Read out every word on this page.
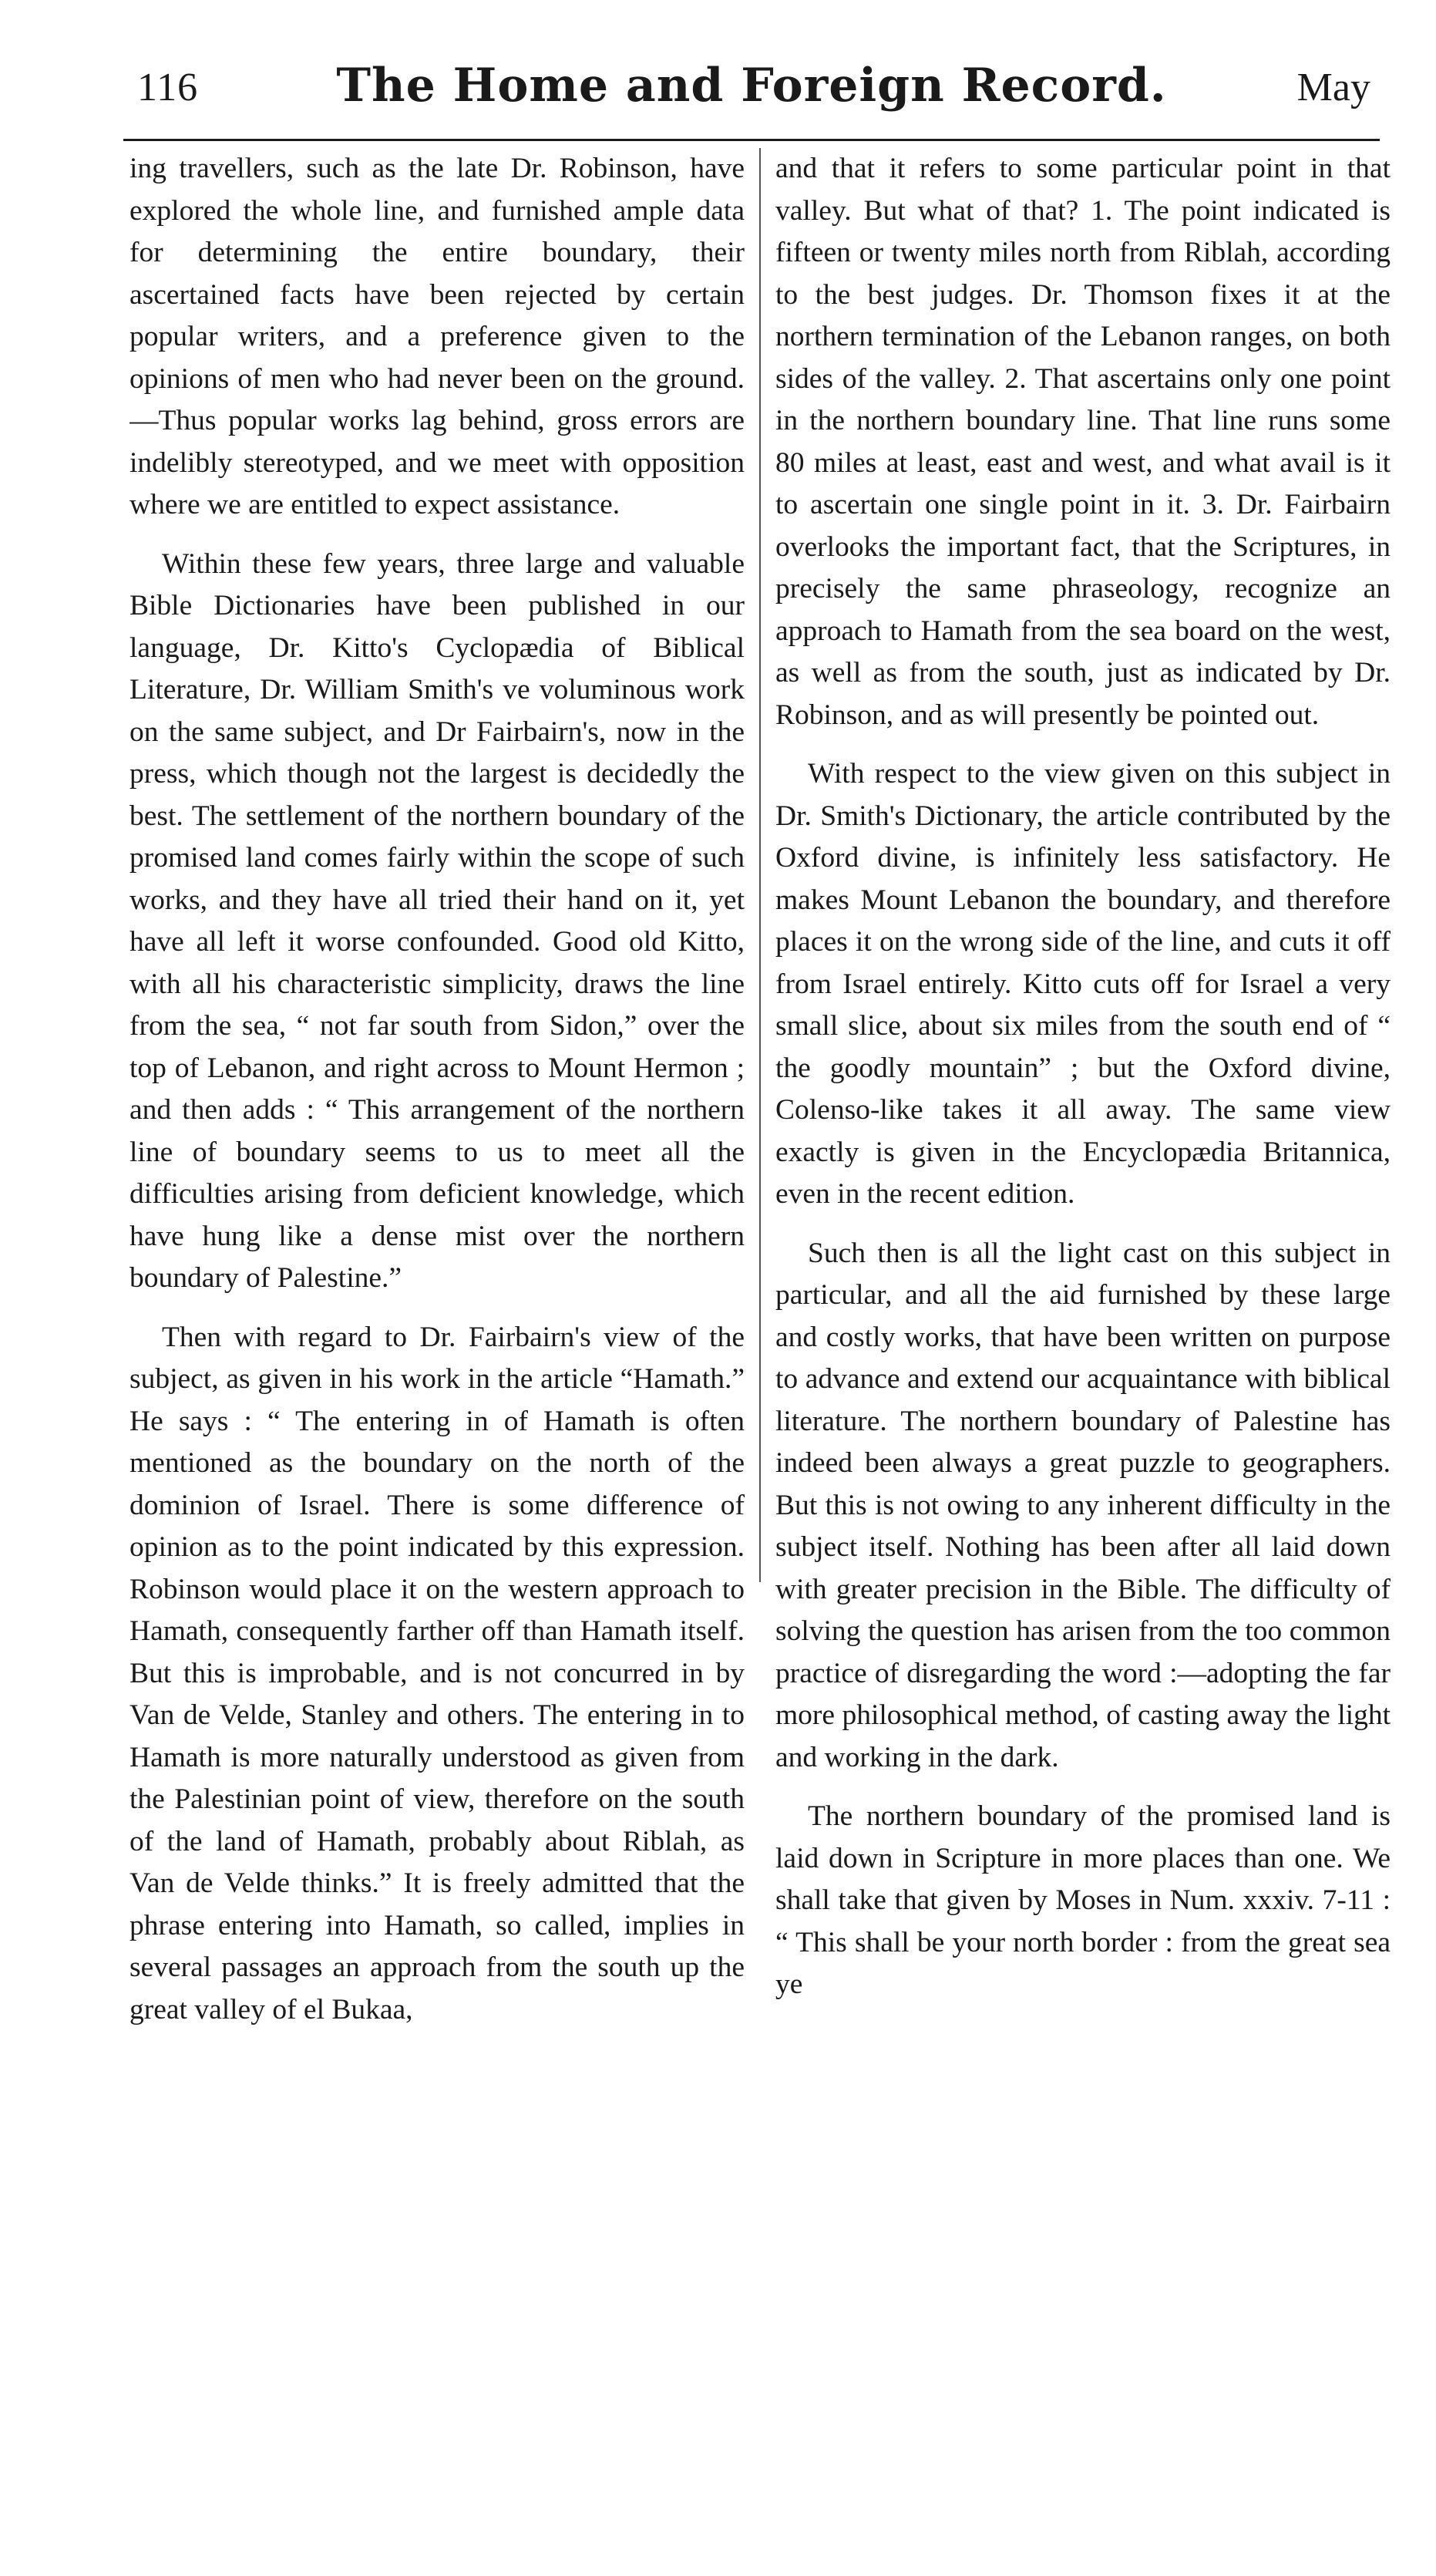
116	The Home and Foreign Record.	May

ing travellers, such as the late Dr. Robinson, have explored the whole line, and furnished ample data for determining the entire boundary, their ascertained facts have been rejected by certain popular writers, and a preference given to the opinions of men who had never been on the ground.—Thus popular works lag behind, gross errors are indelibly stereotyped, and we meet with opposition where we are entitled to expect assistance.

Within these few years, three large and valuable Bible Dictionaries have been published in our language, Dr. Kitto's Cyclopædia of Biblical Literature, Dr. William Smith's ve voluminous work on the same subject, and Dr Fairbairn's, now in the press, which though not the largest is decidedly the best. The settlement of the northern boundary of the promised land comes fairly within the scope of such works, and they have all tried their hand on it, yet have all left it worse confounded. Good old Kitto, with all his characteristic simplicity, draws the line from the sea, “ not far south from Sidon,” over the top of Lebanon, and right across to Mount Hermon ; and then adds : “ This arrangement of the northern line of boundary seems to us to meet all the difficulties arising from deficient knowledge, which have hung like a dense mist over the northern boundary of Palestine.”

Then with regard to Dr. Fairbairn's view of the subject, as given in his work in the article “Hamath.” He says : “ The entering in of Hamath is often mentioned as the boundary on the north of the dominion of Israel. There is some difference of opinion as to the point indicated by this expression. Robinson would place it on the western approach to Hamath, consequently farther off than Hamath itself. But this is improbable, and is not concurred in by Van de Velde, Stanley and others. The entering in to Hamath is more naturally understood as given from the Palestinian point of view, therefore on the south of the land of Hamath, probably about Riblah, as Van de Velde thinks.” It is freely admitted that the phrase entering into Hamath, so called, implies in several passages an approach from the south up the great valley of el Bukaa,

and that it refers to some particular point in that valley. But what of that? 1. The point indicated is fifteen or twenty miles north from Riblah, according to the best judges. Dr. Thomson fixes it at the northern termination of the Lebanon ranges, on both sides of the valley. 2. That ascertains only one point in the northern boundary line. That line runs some 80 miles at least, east and west, and what avail is it to ascertain one single point in it. 3. Dr. Fairbairn overlooks the important fact, that the Scriptures, in precisely the same phraseology, recognize an approach to Hamath from the sea board on the west, as well as from the south, just as indicated by Dr. Robinson, and as will presently be pointed out.

With respect to the view given on this subject in Dr. Smith's Dictionary, the article contributed by the Oxford divine, is infinitely less satisfactory. He makes Mount Lebanon the boundary, and therefore places it on the wrong side of the line, and cuts it off from Israel entirely. Kitto cuts off for Israel a very small slice, about six miles from the south end of “ the goodly mountain” ; but the Oxford divine, Colenso-like takes it all away. The same view exactly is given in the Encyclopædia Britannica, even in the recent edition.

Such then is all the light cast on this subject in particular, and all the aid furnished by these large and costly works, that have been written on purpose to advance and extend our acquaintance with biblical literature. The northern boundary of Palestine has indeed been always a great puzzle to geographers. But this is not owing to any inherent difficulty in the subject itself. Nothing has been after all laid down with greater precision in the Bible. The difficulty of solving the question has arisen from the too common practice of disregarding the word :—adopting the far more philosophical method, of casting away the light and working in the dark.

The northern boundary of the promised land is laid down in Scripture in more places than one. We shall take that given by Moses in Num. xxxiv. 7-11 : “ This shall be your north border : from the great sea ye
